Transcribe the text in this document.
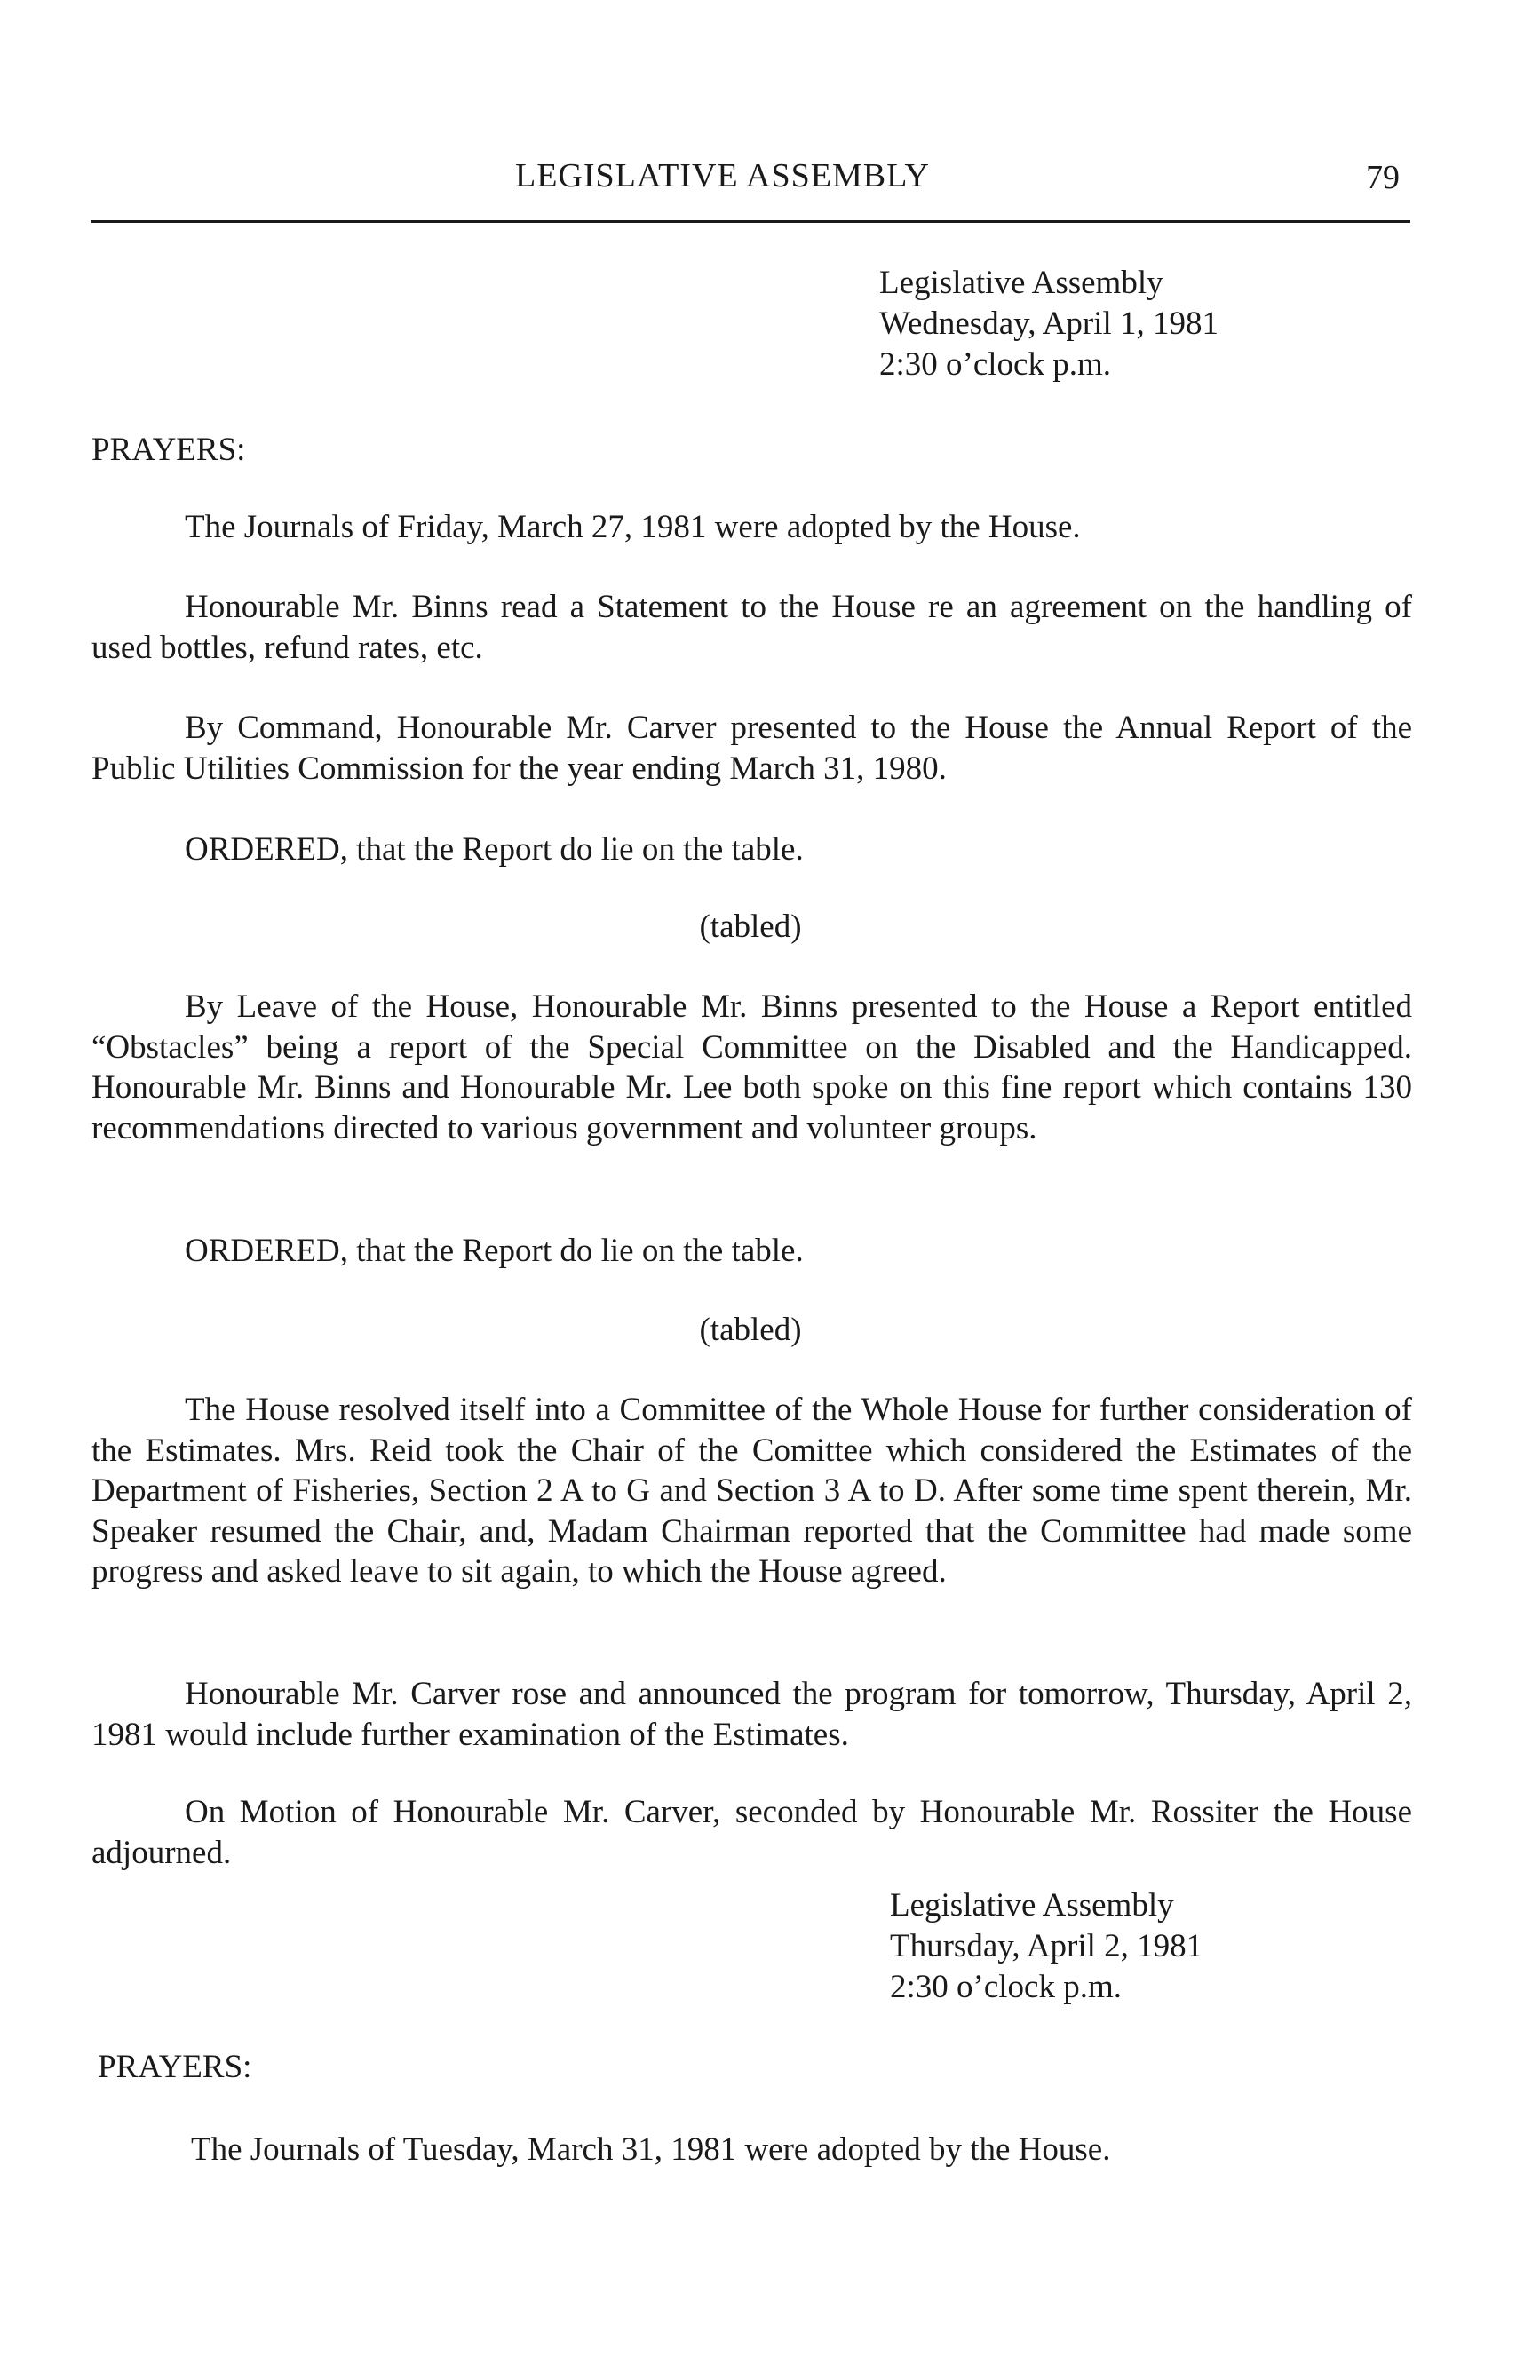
LEGISLATIVE ASSEMBLY	79
Legislative Assembly
Wednesday, April 1, 1981
2:30 o’clock p.m.
PRAYERS:
The Journals of Friday, March 27, 1981 were adopted by the House.
Honourable Mr. Binns read a Statement to the House re an agreement on the handling of used bottles, refund rates, etc.
By Command, Honourable Mr. Carver presented to the House the Annual Report of the Public Utilities Commission for the year ending March 31, 1980.
ORDERED, that the Report do lie on the table.
(tabled)
By Leave of the House, Honourable Mr. Binns presented to the House a Report entitled “Obstacles” being a report of the Special Committee on the Disabled and the Handicapped. Honourable Mr. Binns and Honourable Mr. Lee both spoke on this fine report which contains 130 recommendations directed to various government and volunteer groups.
ORDERED, that the Report do lie on the table.
(tabled)
The House resolved itself into a Committee of the Whole House for further consideration of the Estimates. Mrs. Reid took the Chair of the Comittee which considered the Estimates of the Department of Fisheries, Section 2 A to G and Section 3 A to D. After some time spent therein, Mr. Speaker resumed the Chair, and, Madam Chairman reported that the Committee had made some progress and asked leave to sit again, to which the House agreed.
Honourable Mr. Carver rose and announced the program for tomorrow, Thursday, April 2, 1981 would include further examination of the Estimates.
On Motion of Honourable Mr. Carver, seconded by Honourable Mr. Rossiter the House adjourned.
Legislative Assembly
Thursday, April 2, 1981
2:30 o’clock p.m.
PRAYERS:
The Journals of Tuesday, March 31, 1981 were adopted by the House.
